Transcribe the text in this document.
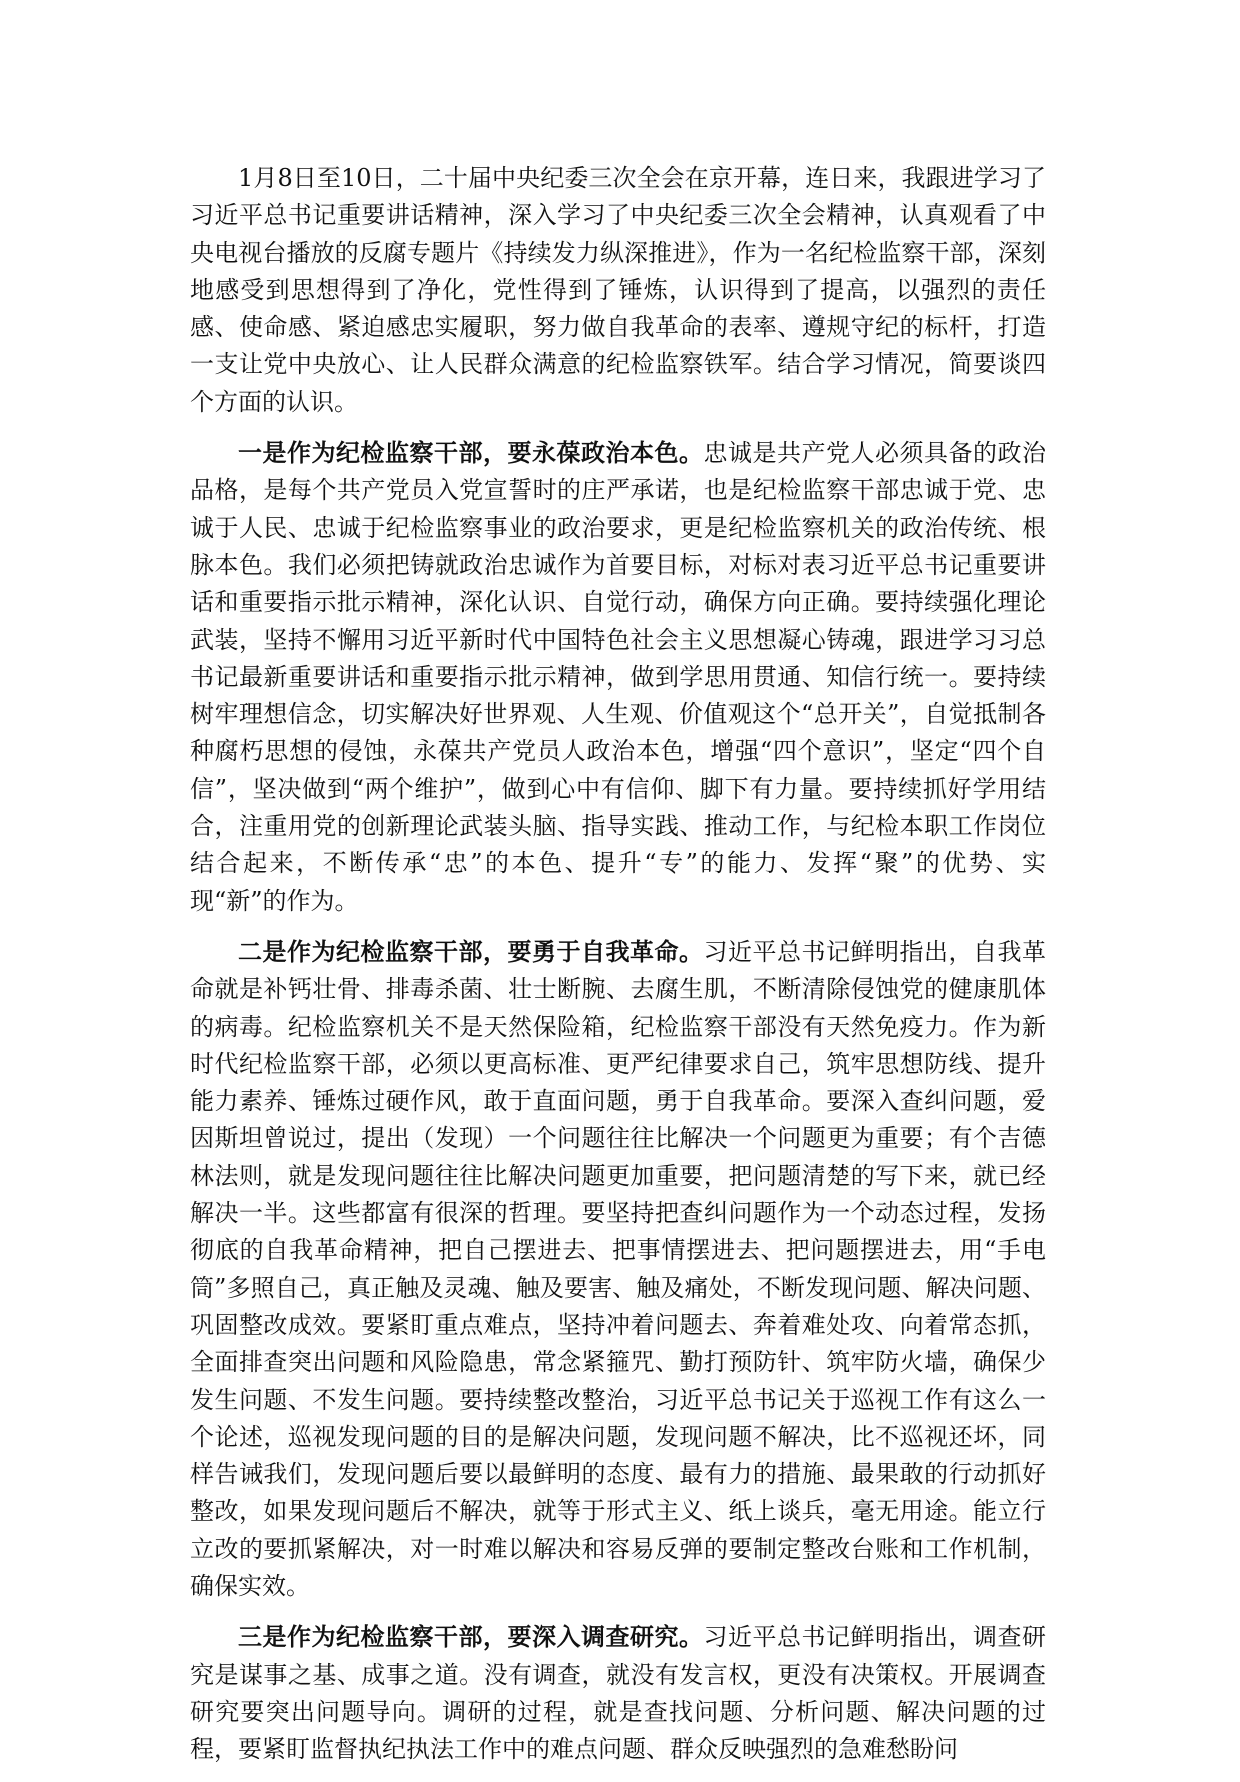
1月8日至10日，二十届中央纪委三次全会在京开幕，连日来，我跟进学习了习近平总书记重要讲话精神，深入学习了中央纪委三次全会精神，认真观看了中央电视台播放的反腐专题片《持续发力纵深推进》，作为一名纪检监察干部，深刻地感受到思想得到了净化，党性得到了锤炼，认识得到了提高，以强烈的责任感、使命感、紧迫感忠实履职，努力做自我革命的表率、遵规守纪的标杆，打造一支让党中央放心、让人民群众满意的纪检监察铁军。结合学习情况，简要谈四个方面的认识。

一是作为纪检监察干部，要永葆政治本色。忠诚是共产党人必须具备的政治品格，是每个共产党员入党宣誓时的庄严承诺，也是纪检监察干部忠诚于党、忠诚于人民、忠诚于纪检监察事业的政治要求，更是纪检监察机关的政治传统、根脉本色。我们必须把铸就政治忠诚作为首要目标，对标对表习近平总书记重要讲话和重要指示批示精神，深化认识、自觉行动，确保方向正确。要持续强化理论武装，坚持不懈用习近平新时代中国特色社会主义思想凝心铸魂，跟进学习习总书记最新重要讲话和重要指示批示精神，做到学思用贯通、知信行统一。要持续树牢理想信念，切实解决好世界观、人生观、价值观这个“总开关”，自觉抵制各种腐朽思想的侵蚀，永葆共产党员人政治本色，增强“四个意识”，坚定“四个自信”，坚决做到“两个维护”，做到心中有信仰、脚下有力量。要持续抓好学用结合，注重用党的创新理论武装头脑、指导实践、推动工作，与纪检本职工作岗位结合起来，不断传承“忠”的本色、提升“专”的能力、发挥“聚”的优势、实现“新”的作为。

二是作为纪检监察干部，要勇于自我革命。习近平总书记鲜明指出，自我革命就是补钙壮骨、排毒杀菌、壮士断腕、去腐生肌，不断清除侵蚀党的健康肌体的病毒。纪检监察机关不是天然保险箱，纪检监察干部没有天然免疫力。作为新时代纪检监察干部，必须以更高标准、更严纪律要求自己，筑牢思想防线、提升能力素养、锤炼过硬作风，敢于直面问题，勇于自我革命。要深入查纠问题，爱因斯坦曾说过，提出（发现）一个问题往往比解决一个问题更为重要；有个吉德林法则，就是发现问题往往比解决问题更加重要，把问题清楚的写下来，就已经解决一半。这些都富有很深的哲理。要坚持把查纠问题作为一个动态过程，发扬彻底的自我革命精神，把自己摆进去、把事情摆进去、把问题摆进去，用“手电筒”多照自己，真正触及灵魂、触及要害、触及痛处，不断发现问题、解决问题、巩固整改成效。要紧盯重点难点，坚持冲着问题去、奔着难处攻、向着常态抓，全面排查突出问题和风险隐患，常念紧箍咒、勤打预防针、筑牢防火墙，确保少发生问题、不发生问题。要持续整改整治，习近平总书记关于巡视工作有这么一个论述，巡视发现问题的目的是解决问题，发现问题不解决，比不巡视还坏，同样告诫我们，发现问题后要以最鲜明的态度、最有力的措施、最果敢的行动抓好整改，如果发现问题后不解决，就等于形式主义、纸上谈兵，毫无用途。能立行立改的要抓紧解决，对一时难以解决和容易反弹的要制定整改台账和工作机制，确保实效。

三是作为纪检监察干部，要深入调查研究。习近平总书记鲜明指出，调查研究是谋事之基、成事之道。没有调查，就没有发言权，更没有决策权。开展调查研究要突出问题导向。调研的过程，就是查找问题、分析问题、解决问题的过程，要紧盯监督执纪执法工作中的难点问题、群众反映强烈的急难愁盼问
